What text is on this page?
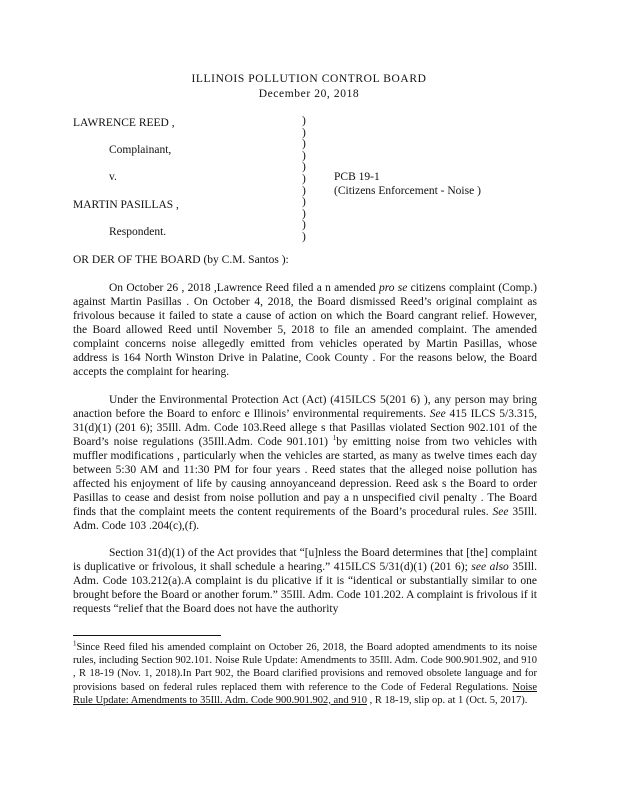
ILLINOIS POLLUTION CONTROL BOARD
December 20, 2018
LAWRENCE REED ,
Complainant,
v.
MARTIN PASILLAS ,
Respondent.
)
)
)
)
)
)
)
)
)
)
)
PCB 19-1
(Citizens Enforcement - Noise )
OR DER OF THE BOARD (by C.M. Santos ):

On October 26 , 2018 ,Lawrence Reed filed a n amended pro se citizens complaint (Comp.) against Martin Pasillas . On October 4, 2018, the Board dismissed Reed’s original complaint as frivolous because it failed to state a cause of action on which the Board cangrant relief. However, the Board allowed Reed until November 5, 2018 to file an amended complaint. The amended complaint concerns noise allegedly emitted from vehicles operated by Martin Pasillas, whose address is 164 North Winston Drive in Palatine, Cook County . For the reasons below, the Board accepts the complaint for hearing.

Under the Environmental Protection Act (Act) (415ILCS 5(201 6) ), any person may bring anaction before the Board to enforc e Illinois’ environmental requirements. See 415 ILCS 5/3.315, 31(d)(1) (201 6); 35Ill. Adm. Code 103.Reed allege s that Pasillas violated Section 902.101 of the Board’s noise regulations (35Ill.Adm. Code 901.101) $^1$by emitting noise from two vehicles with muffler modifications , particularly when the vehicles are started, as many as twelve times each day between 5:30 AM and 11:30 PM for four years . Reed states that the alleged noise pollution has affected his enjoyment of life by causing annoyanceand depression. Reed ask s the Board to order Pasillas to cease and desist from noise pollution and pay a n unspecified civil penalty . The Board finds that the complaint meets the content requirements of the Board’s procedural rules. See 35Ill. Adm. Code 103 .204(c),(f).

Section 31(d)(1) of the Act provides that “[u]nless the Board determines that [the] complaint is duplicative or frivolous, it shall schedule a hearing.” 415ILCS 5/31(d)(1) (201 6); see also 35Ill. Adm. Code 103.212(a).A complaint is du plicative if it is “identical or substantially similar to one brought before the Board or another forum.” 35Ill. Adm. Code 101.202. A complaint is frivolous if it requests “relief that the Board does not have the authority

$^1$Since Reed filed his amended complaint on October 26, 2018, the Board adopted amendments to its noise rules, including Section 902.101. Noise Rule Update: Amendments to 35Ill. Adm. Code 900.901.902, and 910 , R 18-19 (Nov. 1, 2018).In Part 902, the Board clarified provisions and removed obsolete language and for provisions based on federal rules replaced them with reference to the Code of Federal Regulations. Noise Rule Update: Amendments to 35Ill. Adm. Code 900.901.902, and 910 , R 18-19, slip op. at 1 (Oct. 5, 2017).
